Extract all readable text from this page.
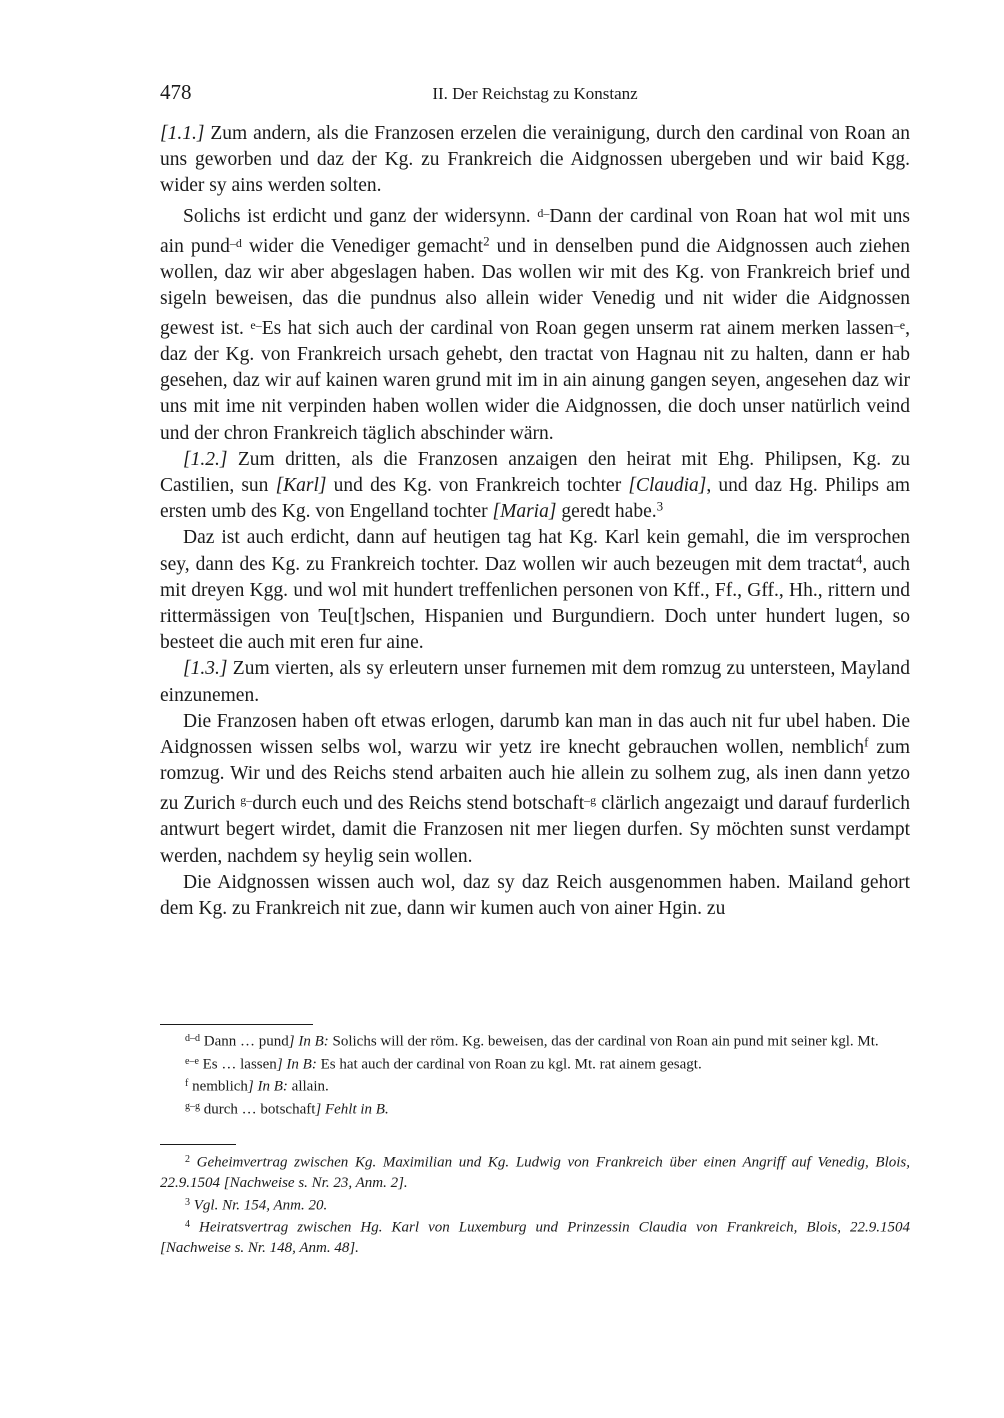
478	II. Der Reichstag zu Konstanz

[1.1.] Zum andern, als die Franzosen erzelen die verainigung, durch den cardinal von Roan an uns geworben und daz der Kg. zu Frankreich die Aidgnossen ubergeben und wir baid Kgg. wider sy ains werden solten.

Solichs ist erdicht und ganz der widersynn. $^{d-}$Dann der cardinal von Roan hat wol mit uns ain pund$^{-d}$ wider die Venediger gemacht$^2$ und in denselben pund die Aidgnossen auch ziehen wollen, daz wir aber abgeslagen haben. Das wollen wir mit des Kg. von Frankreich brief und sigeln beweisen, das die pundnus also allein wider Venedig und nit wider die Aidgnossen gewest ist. $^{e-}$Es hat sich auch der cardinal von Roan gegen unserm rat ainem merken lassen$^{-e}$, daz der Kg. von Frankreich ursach gehebt, den tractat von Hagnau nit zu halten, dann er hab gesehen, daz wir auf kainen waren grund mit im in ain ainung gangen seyen, angesehen daz wir uns mit ime nit verpinden haben wollen wider die Aidgnossen, die doch unser natürlich veind und der chron Frankreich täglich abschinder wärn.

[1.2.] Zum dritten, als die Franzosen anzaigen den heirat mit Ehg. Philipsen, Kg. zu Castilien, sun [Karl] und des Kg. von Frankreich tochter [Claudia], und daz Hg. Philips am ersten umb des Kg. von Engelland tochter [Maria] geredt habe.$^3$

Daz ist auch erdicht, dann auf heutigen tag hat Kg. Karl kein gemahl, die im versprochen sey, dann des Kg. zu Frankreich tochter. Daz wollen wir auch bezeugen mit dem tractat$^4$, auch mit dreyen Kgg. und wol mit hundert treffenlichen personen von Kff., Ff., Gff., Hh., rittern und rittermässigen von Teu[t]schen, Hispanien und Burgundiern. Doch unter hundert lugen, so besteet die auch mit eren fur aine.

[1.3.] Zum vierten, als sy erleutern unser furnemen mit dem romzug zu untersteen, Mayland einzunemen.

Die Franzosen haben oft etwas erlogen, darumb kan man in das auch nit fur ubel haben. Die Aidgnossen wissen selbs wol, warzu wir yetz ire knecht gebrauchen wollen, nemblich$^f$ zum romzug. Wir und des Reichs stend arbaiten auch hie allein zu solhem zug, als inen dann yetzo zu Zurich $^{g-}$durch euch und des Reichs stend botschaft$^{-g}$ clärlich angezaigt und darauf furderlich antwurt begert wirdet, damit die Franzosen nit mer liegen durfen. Sy möchten sunst verdampt werden, nachdem sy heylig sein wollen.

Die Aidgnossen wissen auch wol, daz sy daz Reich ausgenommen haben. Mailand gehort dem Kg. zu Frankreich nit zue, dann wir kumen auch von ainer Hgin. zu

$^{d-d}$ Dann … pund] In B: Solichs will der röm. Kg. beweisen, das der cardinal von Roan ain pund mit seiner kgl. Mt.

$^{e-e}$ Es … lassen] In B: Es hat auch der cardinal von Roan zu kgl. Mt. rat ainem gesagt.

$^f$ nemblich] In B: allain.

$^{g-g}$ durch … botschaft] Fehlt in B.

$^2$ Geheimvertrag zwischen Kg. Maximilian und Kg. Ludwig von Frankreich über einen Angriff auf Venedig, Blois, 22.9.1504 [Nachweise s. Nr. 23, Anm. 2].

$^3$ Vgl. Nr. 154, Anm. 20.

$^4$ Heiratsvertrag zwischen Hg. Karl von Luxemburg und Prinzessin Claudia von Frankreich, Blois, 22.9.1504 [Nachweise s. Nr. 148, Anm. 48].
